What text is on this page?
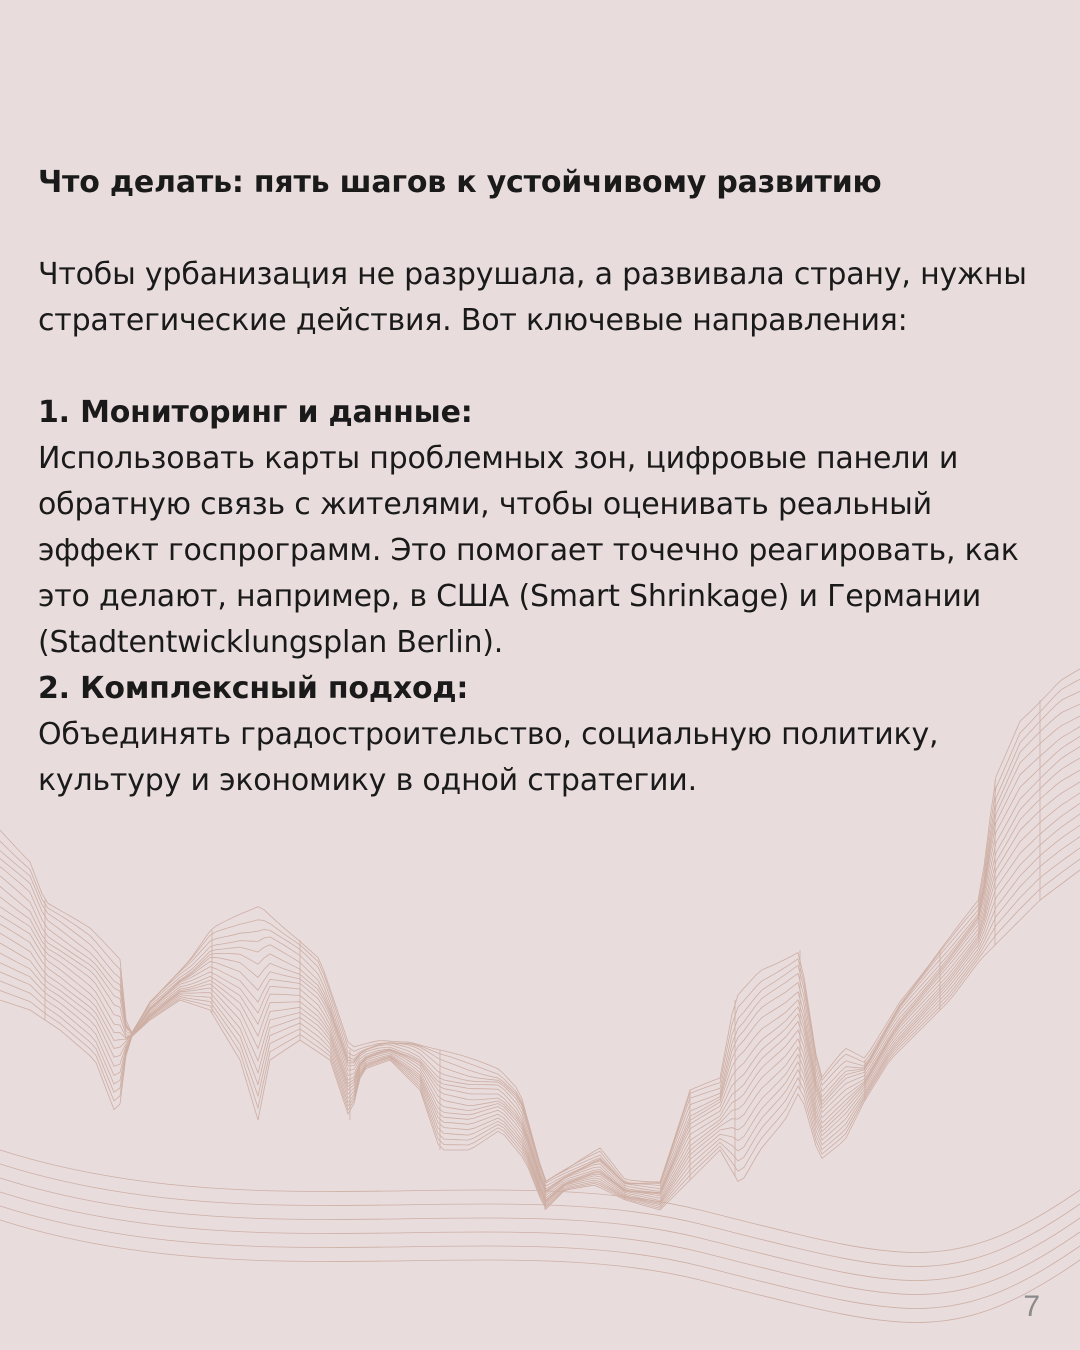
Что делать: пять шагов к устойчивому развитию

Чтобы урбанизация не разрушала, а развивала страну, нужны стратегические действия. Вот ключевые направления:

1. Мониторинг и данные:

Использовать карты проблемных зон, цифровые панели и обратную связь с жителями, чтобы оценивать реальный эффект госпрограмм. Это помогает точечно реагировать, как это делают, например, в США (Smart Shrinkage) и Германии (Stadtentwicklungsplan Berlin).

2. Комплексный подход:

Объединять градостроительство, социальную политику, культуру и экономику в одной стратегии.

7
